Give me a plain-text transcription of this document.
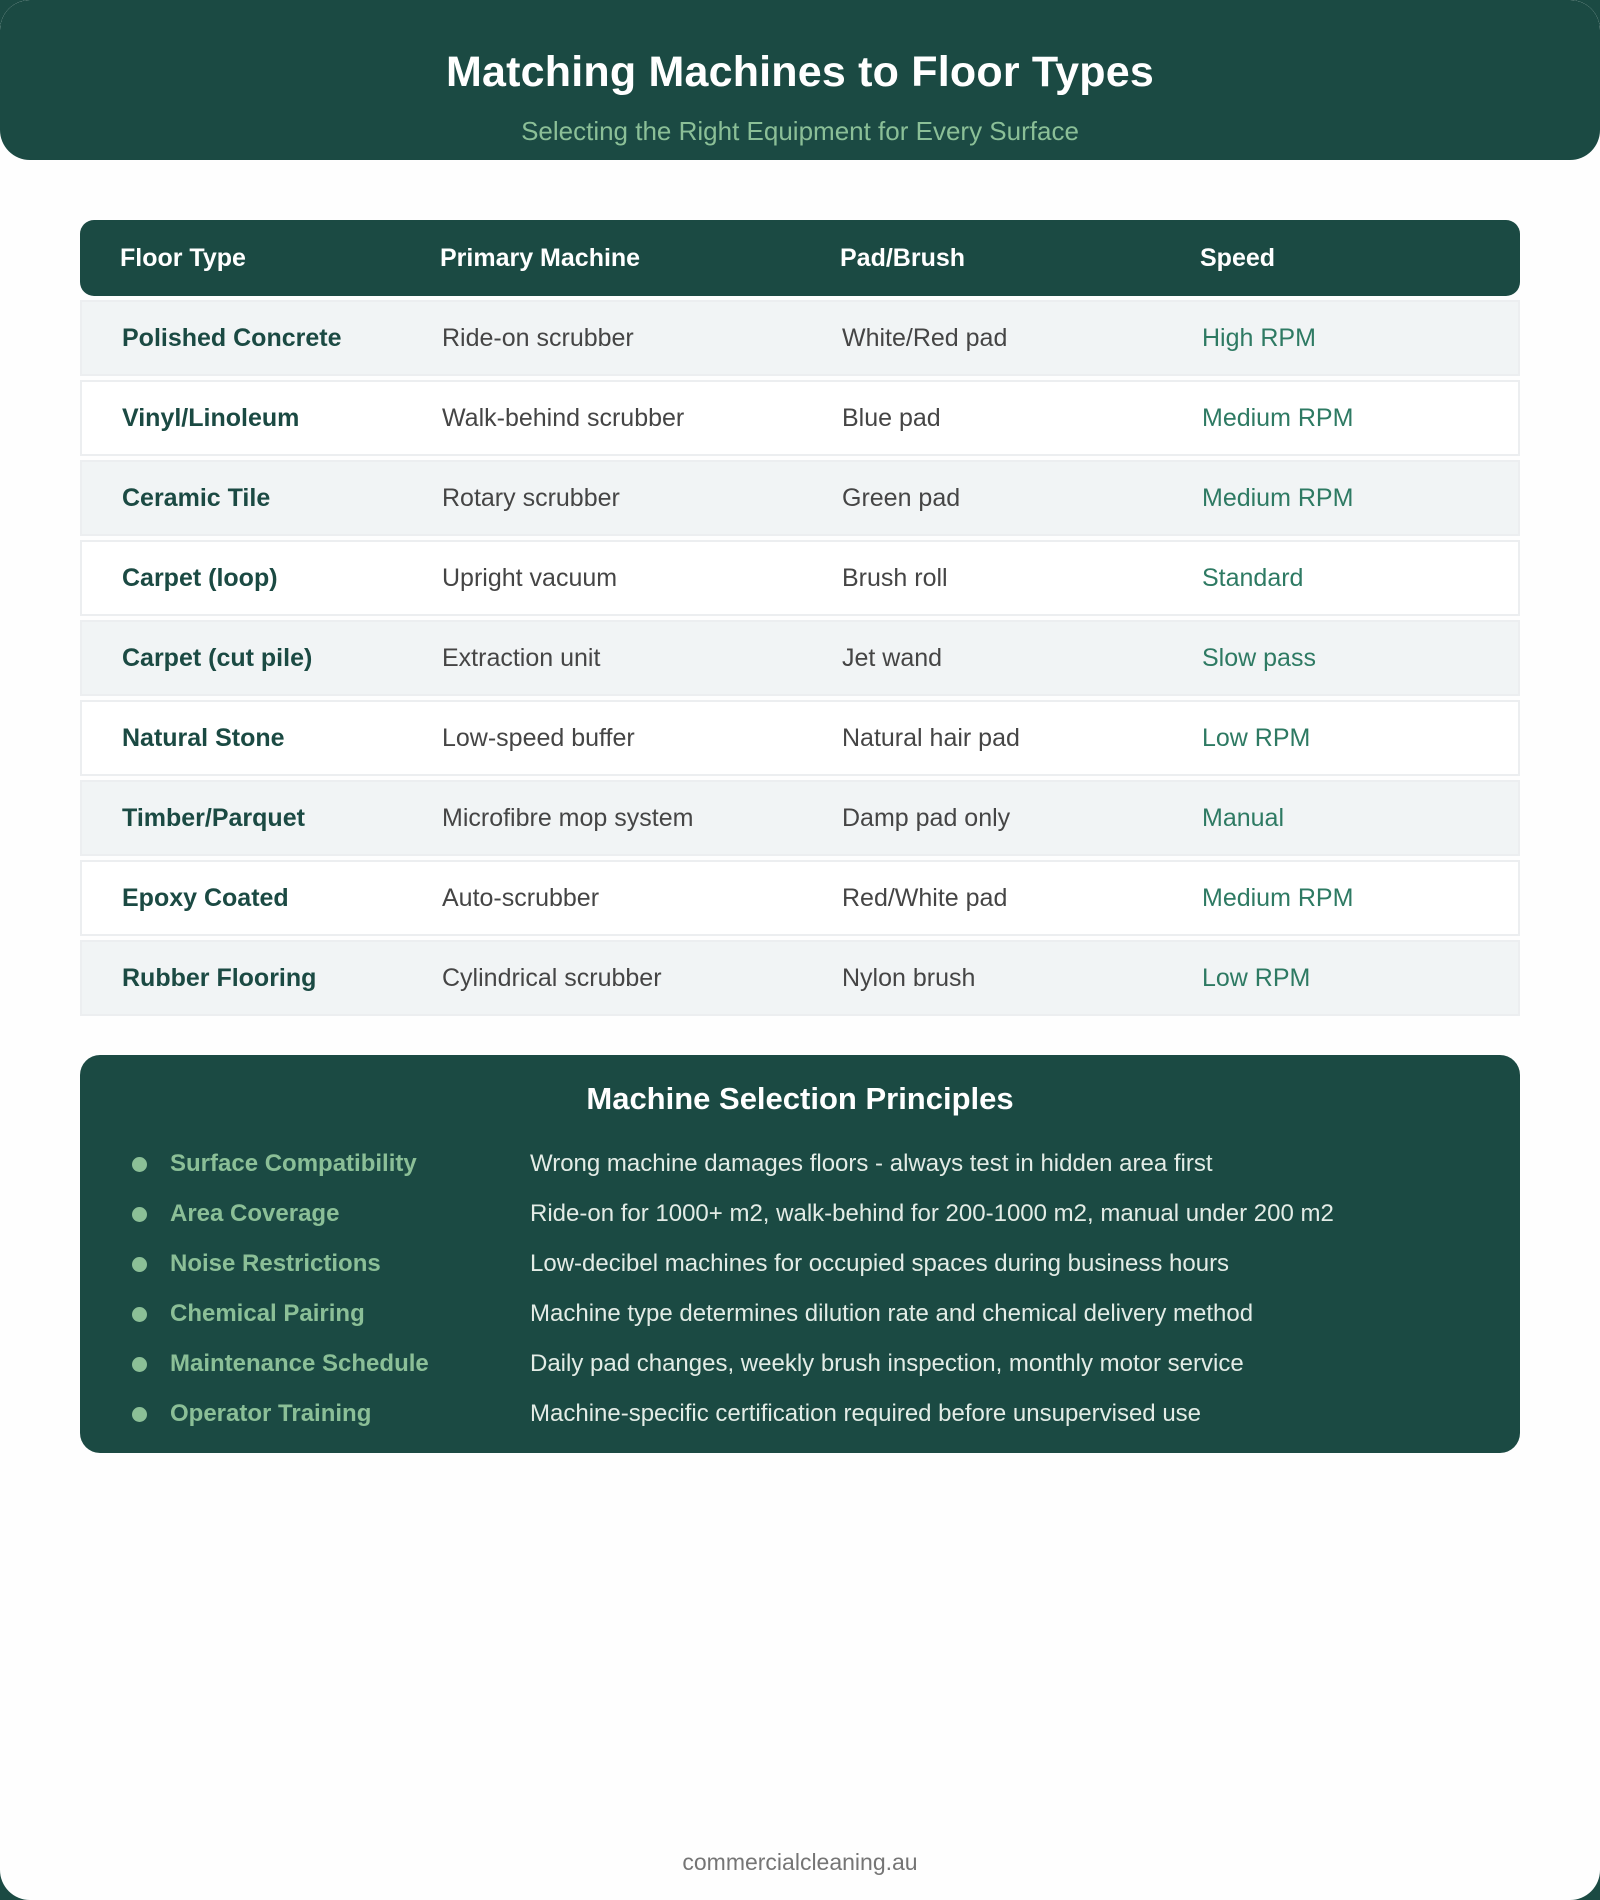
Matching Machines to Floor Types
Selecting the Right Equipment for Every Surface
Floor Type	Primary Machine	Pad/Brush	Speed
Polished Concrete	Ride-on scrubber	White/Red pad	High RPM
Vinyl/Linoleum	Walk-behind scrubber	Blue pad	Medium RPM
Ceramic Tile	Rotary scrubber	Green pad	Medium RPM
Carpet (loop)	Upright vacuum	Brush roll	Standard
Carpet (cut pile)	Extraction unit	Jet wand	Slow pass
Natural Stone	Low-speed buffer	Natural hair pad	Low RPM
Timber/Parquet	Microfibre mop system	Damp pad only	Manual
Epoxy Coated	Auto-scrubber	Red/White pad	Medium RPM
Rubber Flooring	Cylindrical scrubber	Nylon brush	Low RPM
Machine Selection Principles
Surface Compatibility	Wrong machine damages floors - always test in hidden area first
Area Coverage	Ride-on for 1000+ m2, walk-behind for 200-1000 m2, manual under 200 m2
Noise Restrictions	Low-decibel machines for occupied spaces during business hours
Chemical Pairing	Machine type determines dilution rate and chemical delivery method
Maintenance Schedule	Daily pad changes, weekly brush inspection, monthly motor service
Operator Training	Machine-specific certification required before unsupervised use
commercialcleaning.au
